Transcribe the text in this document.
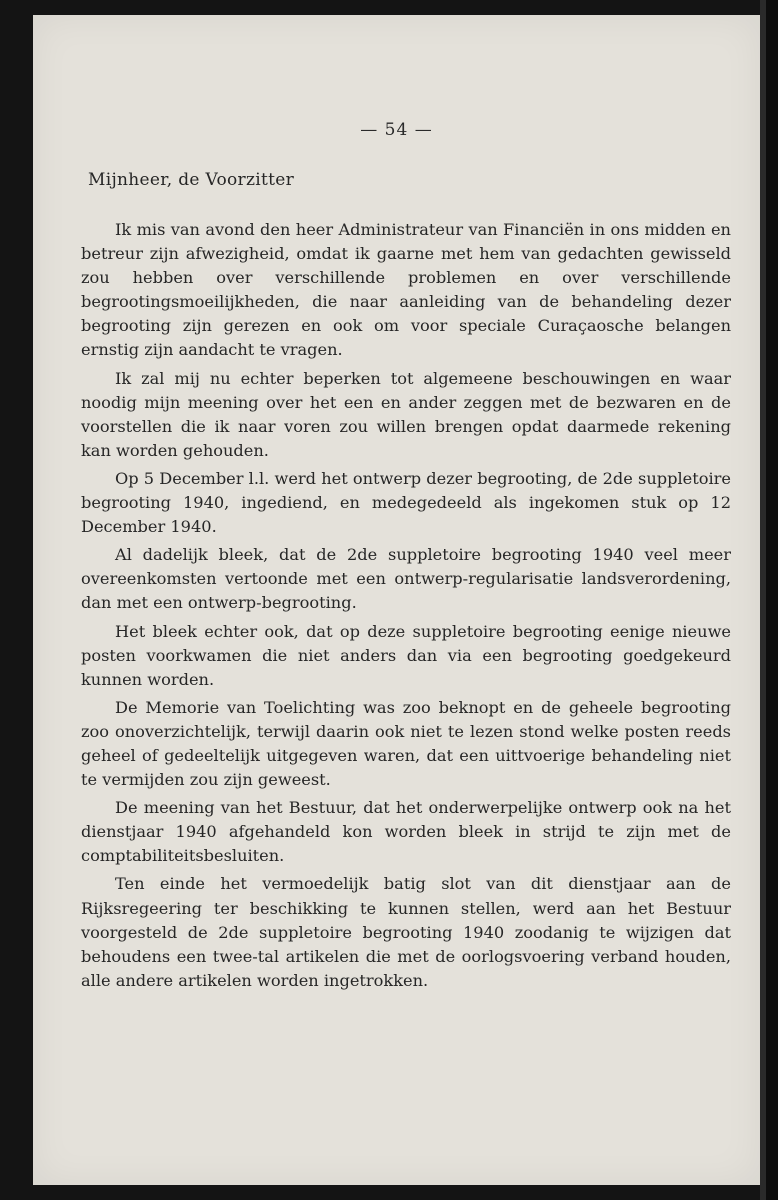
— 54 —
Mijnheer, de Voorzitter

Ik mis van avond den heer Administrateur van Financiën in ons midden en betreur zijn afwezigheid, omdat ik gaarne met hem van gedachten gewisseld zou hebben over verschillende problemen en over verschillende begrootingsmoeilijkheden, die naar aanleiding van de behandeling dezer begrooting zijn gerezen en ook om voor speciale Curaçaosche belangen ernstig zijn aandacht te vragen.

Ik zal mij nu echter beperken tot algemeene beschouwingen en waar noodig mijn meening over het een en ander zeggen met de bezwaren en de voorstellen die ik naar voren zou willen brengen opdat daarmede rekening kan worden gehouden.

Op 5 December l.l. werd het ontwerp dezer begrooting, de 2de suppletoire begrooting 1940, ingediend, en medegedeeld als ingekomen stuk op 12 December 1940.

Al dadelijk bleek, dat de 2de suppletoire begrooting 1940 veel meer overeenkomsten vertoonde met een ontwerp-regularisatie landsverordening, dan met een ontwerp-begrooting.

Het bleek echter ook, dat op deze suppletoire begrooting eenige nieuwe posten voorkwamen die niet anders dan via een begrooting goedgekeurd kunnen worden.

De Memorie van Toelichting was zoo beknopt en de geheele begrooting zoo onoverzichtelijk, terwijl daarin ook niet te lezen stond welke posten reeds geheel of gedeeltelijk uitgegeven waren, dat een uittvoerige behandeling niet te vermijden zou zijn geweest.

De meening van het Bestuur, dat het onderwerpelijke ontwerp ook na het dienstjaar 1940 afgehandeld kon worden bleek in strijd te zijn met de comptabiliteitsbesluiten.

Ten einde het vermoedelijk batig slot van dit dienstjaar aan de Rijksregeering ter beschikking te kunnen stellen, werd aan het Bestuur voorgesteld de 2de suppletoire begrooting 1940 zoodanig te wijzigen dat behoudens een twee-tal artikelen die met de oorlogsvoering verband houden, alle andere artikelen worden ingetrokken.
